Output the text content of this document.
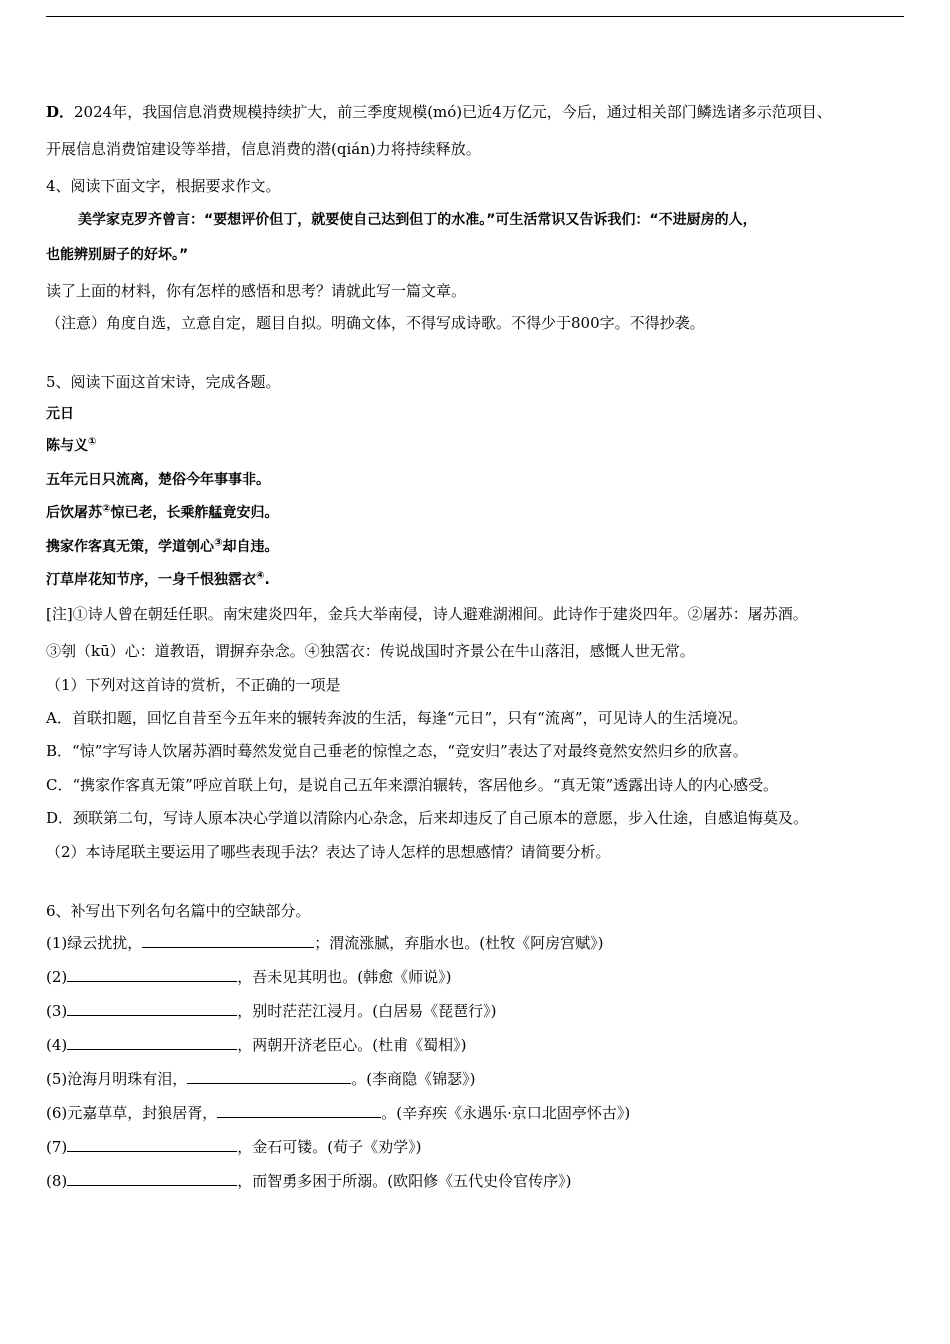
D．2024年，我国信息消费规模持续扩大，前三季度规模(mó)已近4万亿元，今后，通过相关部门鳞选诸多示范项目、
开展信息消费馆建设等举措，信息消费的潜(qián)力将持续释放。
4、阅读下面文字，根据要求作文。
美学家克罗齐曾言：“要想评价但丁，就要使自己达到但丁的水准。”可生活常识又告诉我们：“不进厨房的人，
也能辨别厨子的好坏。”
读了上面的材料，你有怎样的感悟和思考？请就此写一篇文章。
（注意）角度自选，立意自定，题目自拟。明确文体，不得写成诗歌。不得少于800字。不得抄袭。
5、阅读下面这首宋诗，完成各题。
元日
陈与义①
五年元日只流离，楚俗今年事事非。
后饮屠苏②惊已老，长乘舴艋竟安归。
携家作客真无策，学道刳心③却自违。
汀草岸花知节序，一身千恨独霑衣④.
[注]①诗人曾在朝廷任职。南宋建炎四年，金兵大举南侵，诗人避难湖湘间。此诗作于建炎四年。②屠苏：屠苏酒。
③刳（kū）心：道教语，谓摒弃杂念。④独霑衣：传说战国时齐景公在牛山落泪，感慨人世无常。
（1）下列对这首诗的赏析，不正确的一项是
A．首联扣题，回忆自昔至今五年来的辗转奔波的生活，每逢“元日”，只有“流离”，可见诗人的生活境况。
B．“惊”字写诗人饮屠苏酒时蓦然发觉自己垂老的惊惶之态，“竞安归”表达了对最终竟然安然归乡的欣喜。
C．“携家作客真无策”呼应首联上句，是说自己五年来漂泊辗转，客居他乡。“真无策”透露出诗人的内心感受。
D．颈联第二句，写诗人原本决心学道以清除内心杂念，后来却违反了自己原本的意愿，步入仕途，自感追悔莫及。
（2）本诗尾联主要运用了哪些表现手法？表达了诗人怎样的思想感情？请简要分析。
6、补写出下列名句名篇中的空缺部分。
(1)绿云扰扰，	；渭流涨腻，弃脂水也。(杜牧《阿房宫赋》)
(2)	，吾未见其明也。(韩愈《师说》)
(3)	，别时茫茫江浸月。(白居易《琵琶行》)
(4)	，两朝开济老臣心。(杜甫《蜀相》)
(5)沧海月明珠有泪，	。(李商隐《锦瑟》)
(6)元嘉草草，封狼居胥，	。(辛弃疾《永遇乐·京口北固亭怀古》)
(7)	，金石可镂。(荀子《劝学》)
(8)	，而智勇多困于所溺。(欧阳修《五代史伶官传序》)
